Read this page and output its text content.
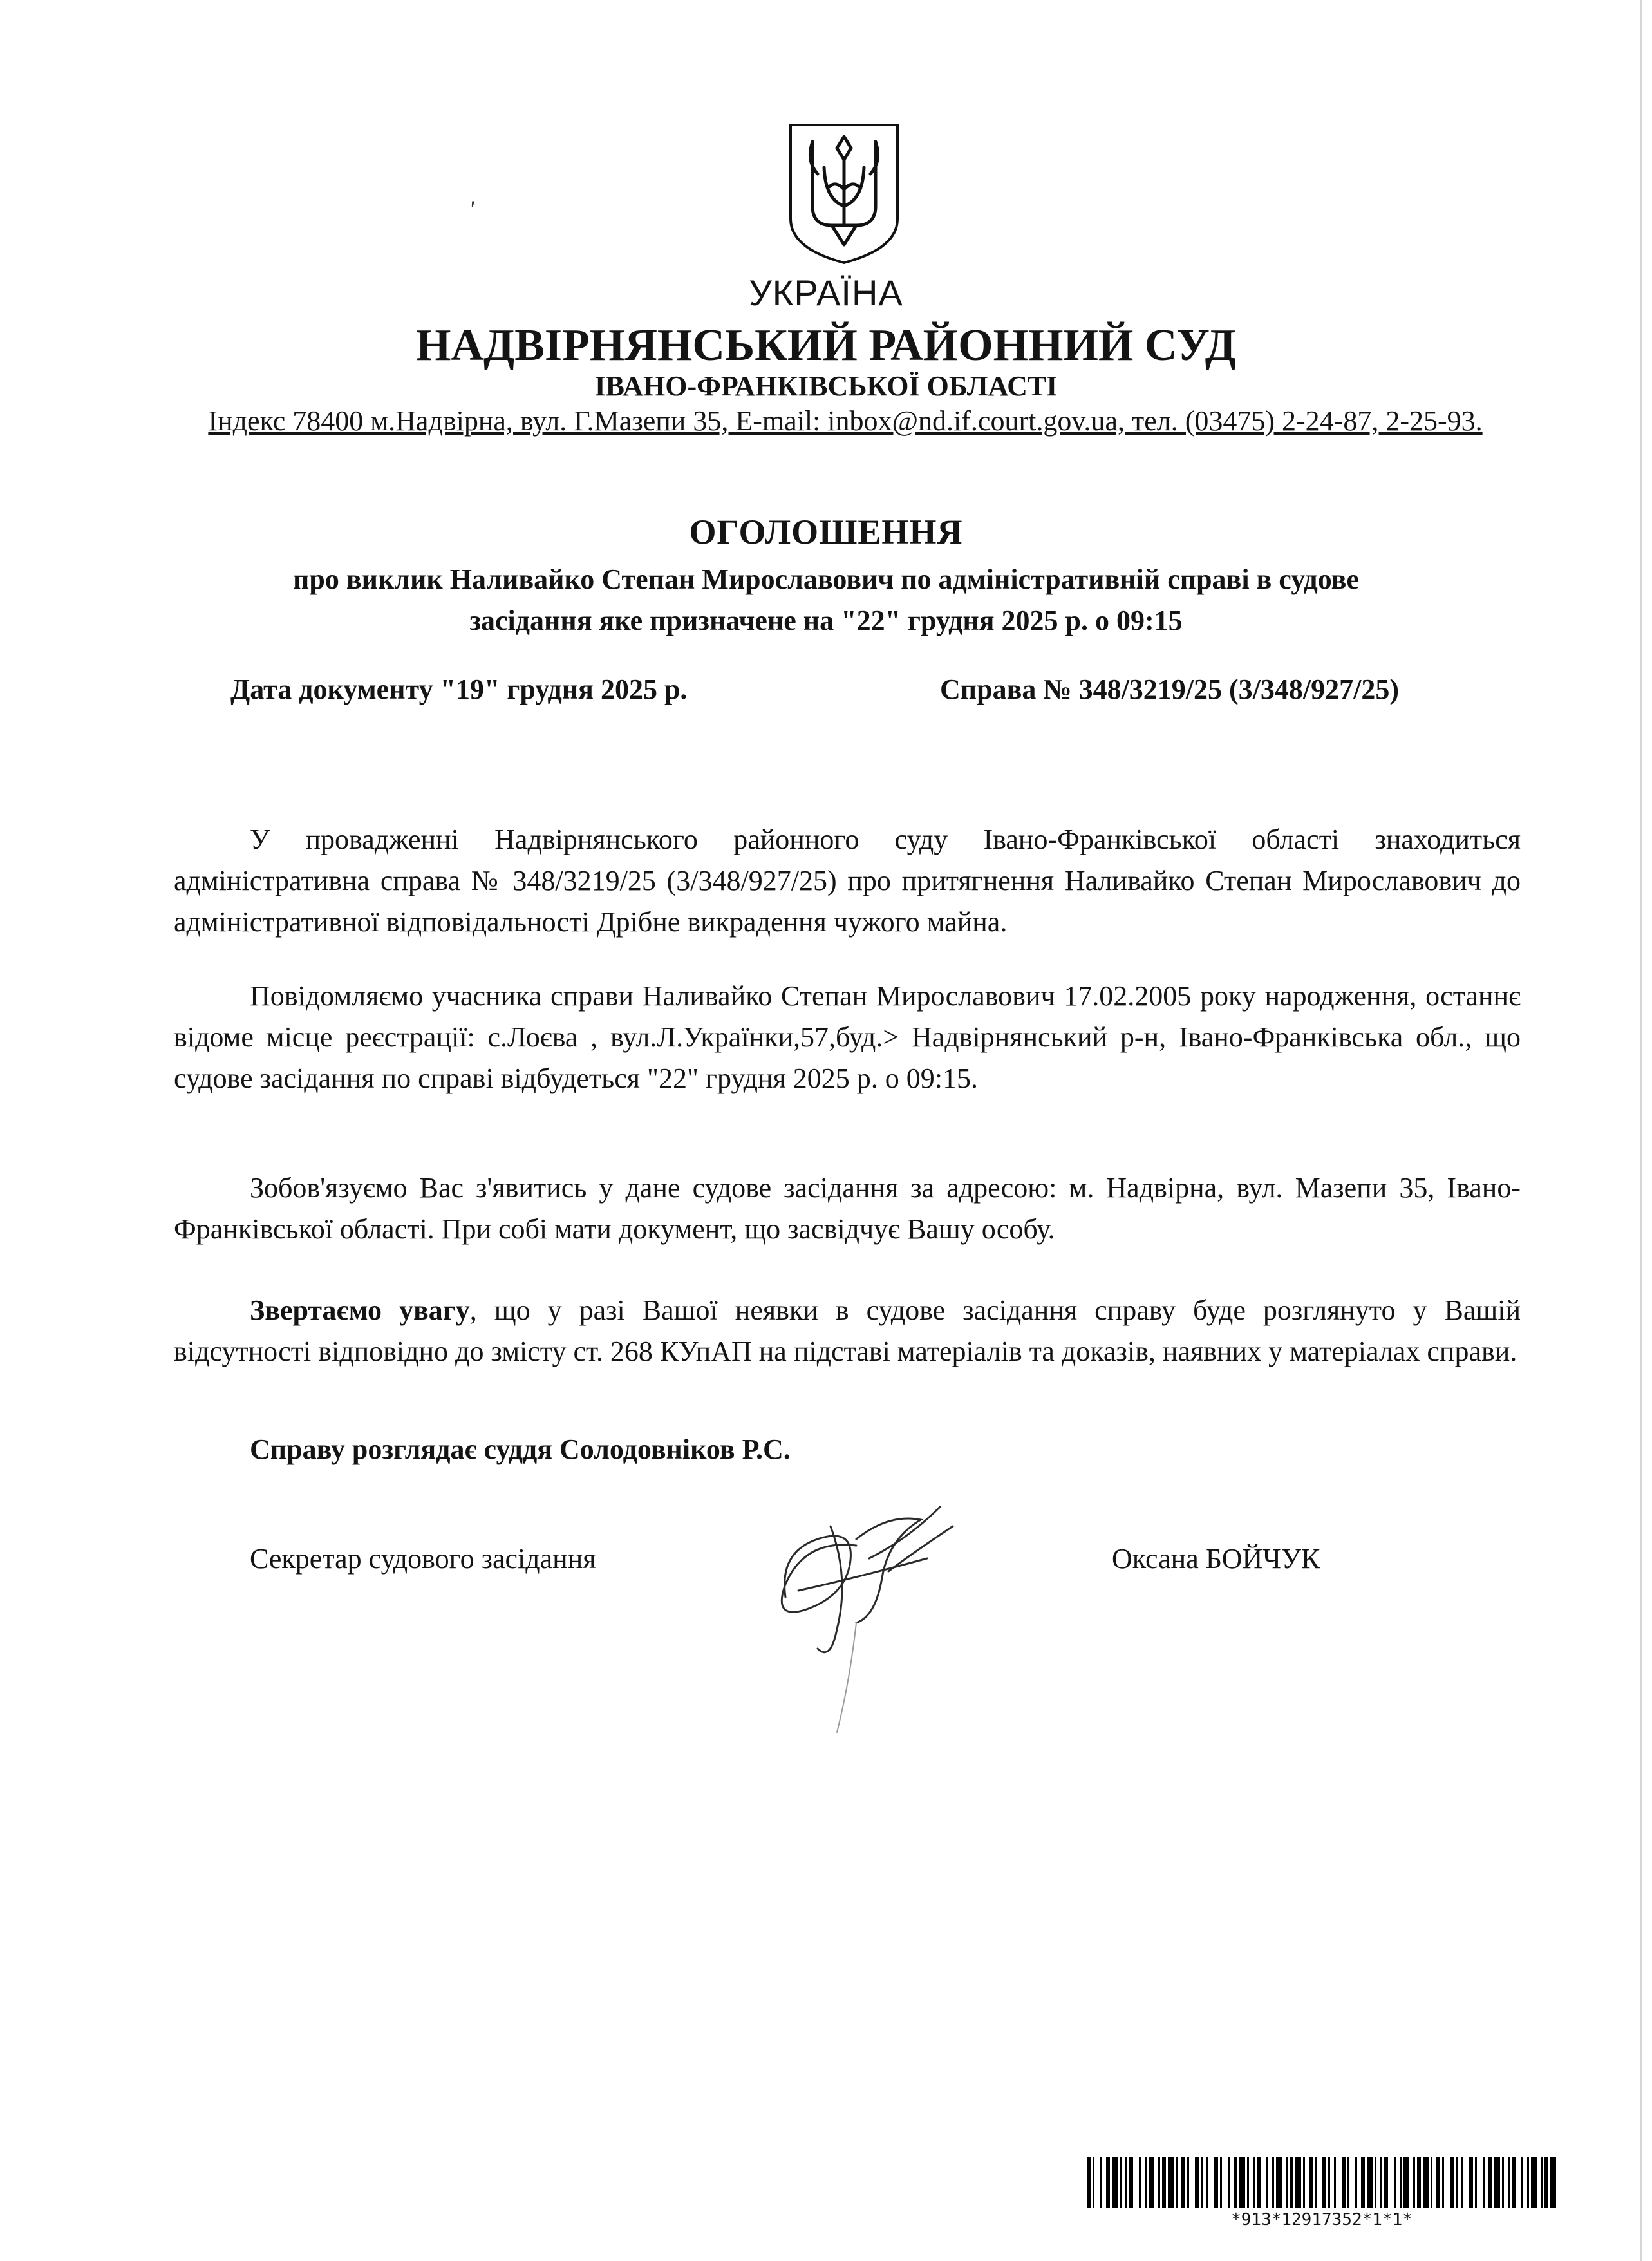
ʹ
УКРАЇНА
НАДВІРНЯНСЬКИЙ РАЙОННИЙ СУД
ІВАНО-ФРАНКІВСЬКОЇ ОБЛАСТІ
Індекс 78400 м.Надвірна, вул. Г.Мазепи 35, E-mail: inbox@nd.if.court.gov.ua, тел. (03475) 2-24-87, 2-25-93.
ОГОЛОШЕННЯ
про виклик Наливайко Степан Мирославович по адміністративній справі в судове
засідання яке призначене на "22" грудня 2025 р. о 09:15
Дата документу "19" грудня 2025 р.	Справа № 348/3219/25 (3/348/927/25)
У провадженні Надвірнянського районного суду Івано-Франківської області знаходиться адміністративна справа № 348/3219/25 (3/348/927/25) про притягнення Наливайко Степан Мирославович до адміністративної відповідальності Дрібне викрадення чужого майна.
Повідомляємо учасника справи Наливайко Степан Мирославович 17.02.2005 року народження, останнє відоме місце реєстрації: с.Лоєва , вул.Л.Українки,57,буд.> Надвірнянський р-н, Івано-Франківська обл., що судове засідання по справі відбудеться "22" грудня 2025 р. о 09:15.
Зобов'язуємо Вас з'явитись у дане судове засідання за адресою: м. Надвірна, вул. Мазепи 35, Івано-Франківської області. При собі мати документ, що засвідчує Вашу особу.
Звертаємо увагу, що у разі Вашої неявки в судове засідання справу буде розглянуто у Вашій відсутності відповідно до змісту ст. 268 КУпАП на підставі матеріалів та доказів, наявних у матеріалах справи.
Справу розглядає суддя Солодовніков Р.С.
Секретар судового засідання	Оксана БОЙЧУК
*913*12917352*1*1*
